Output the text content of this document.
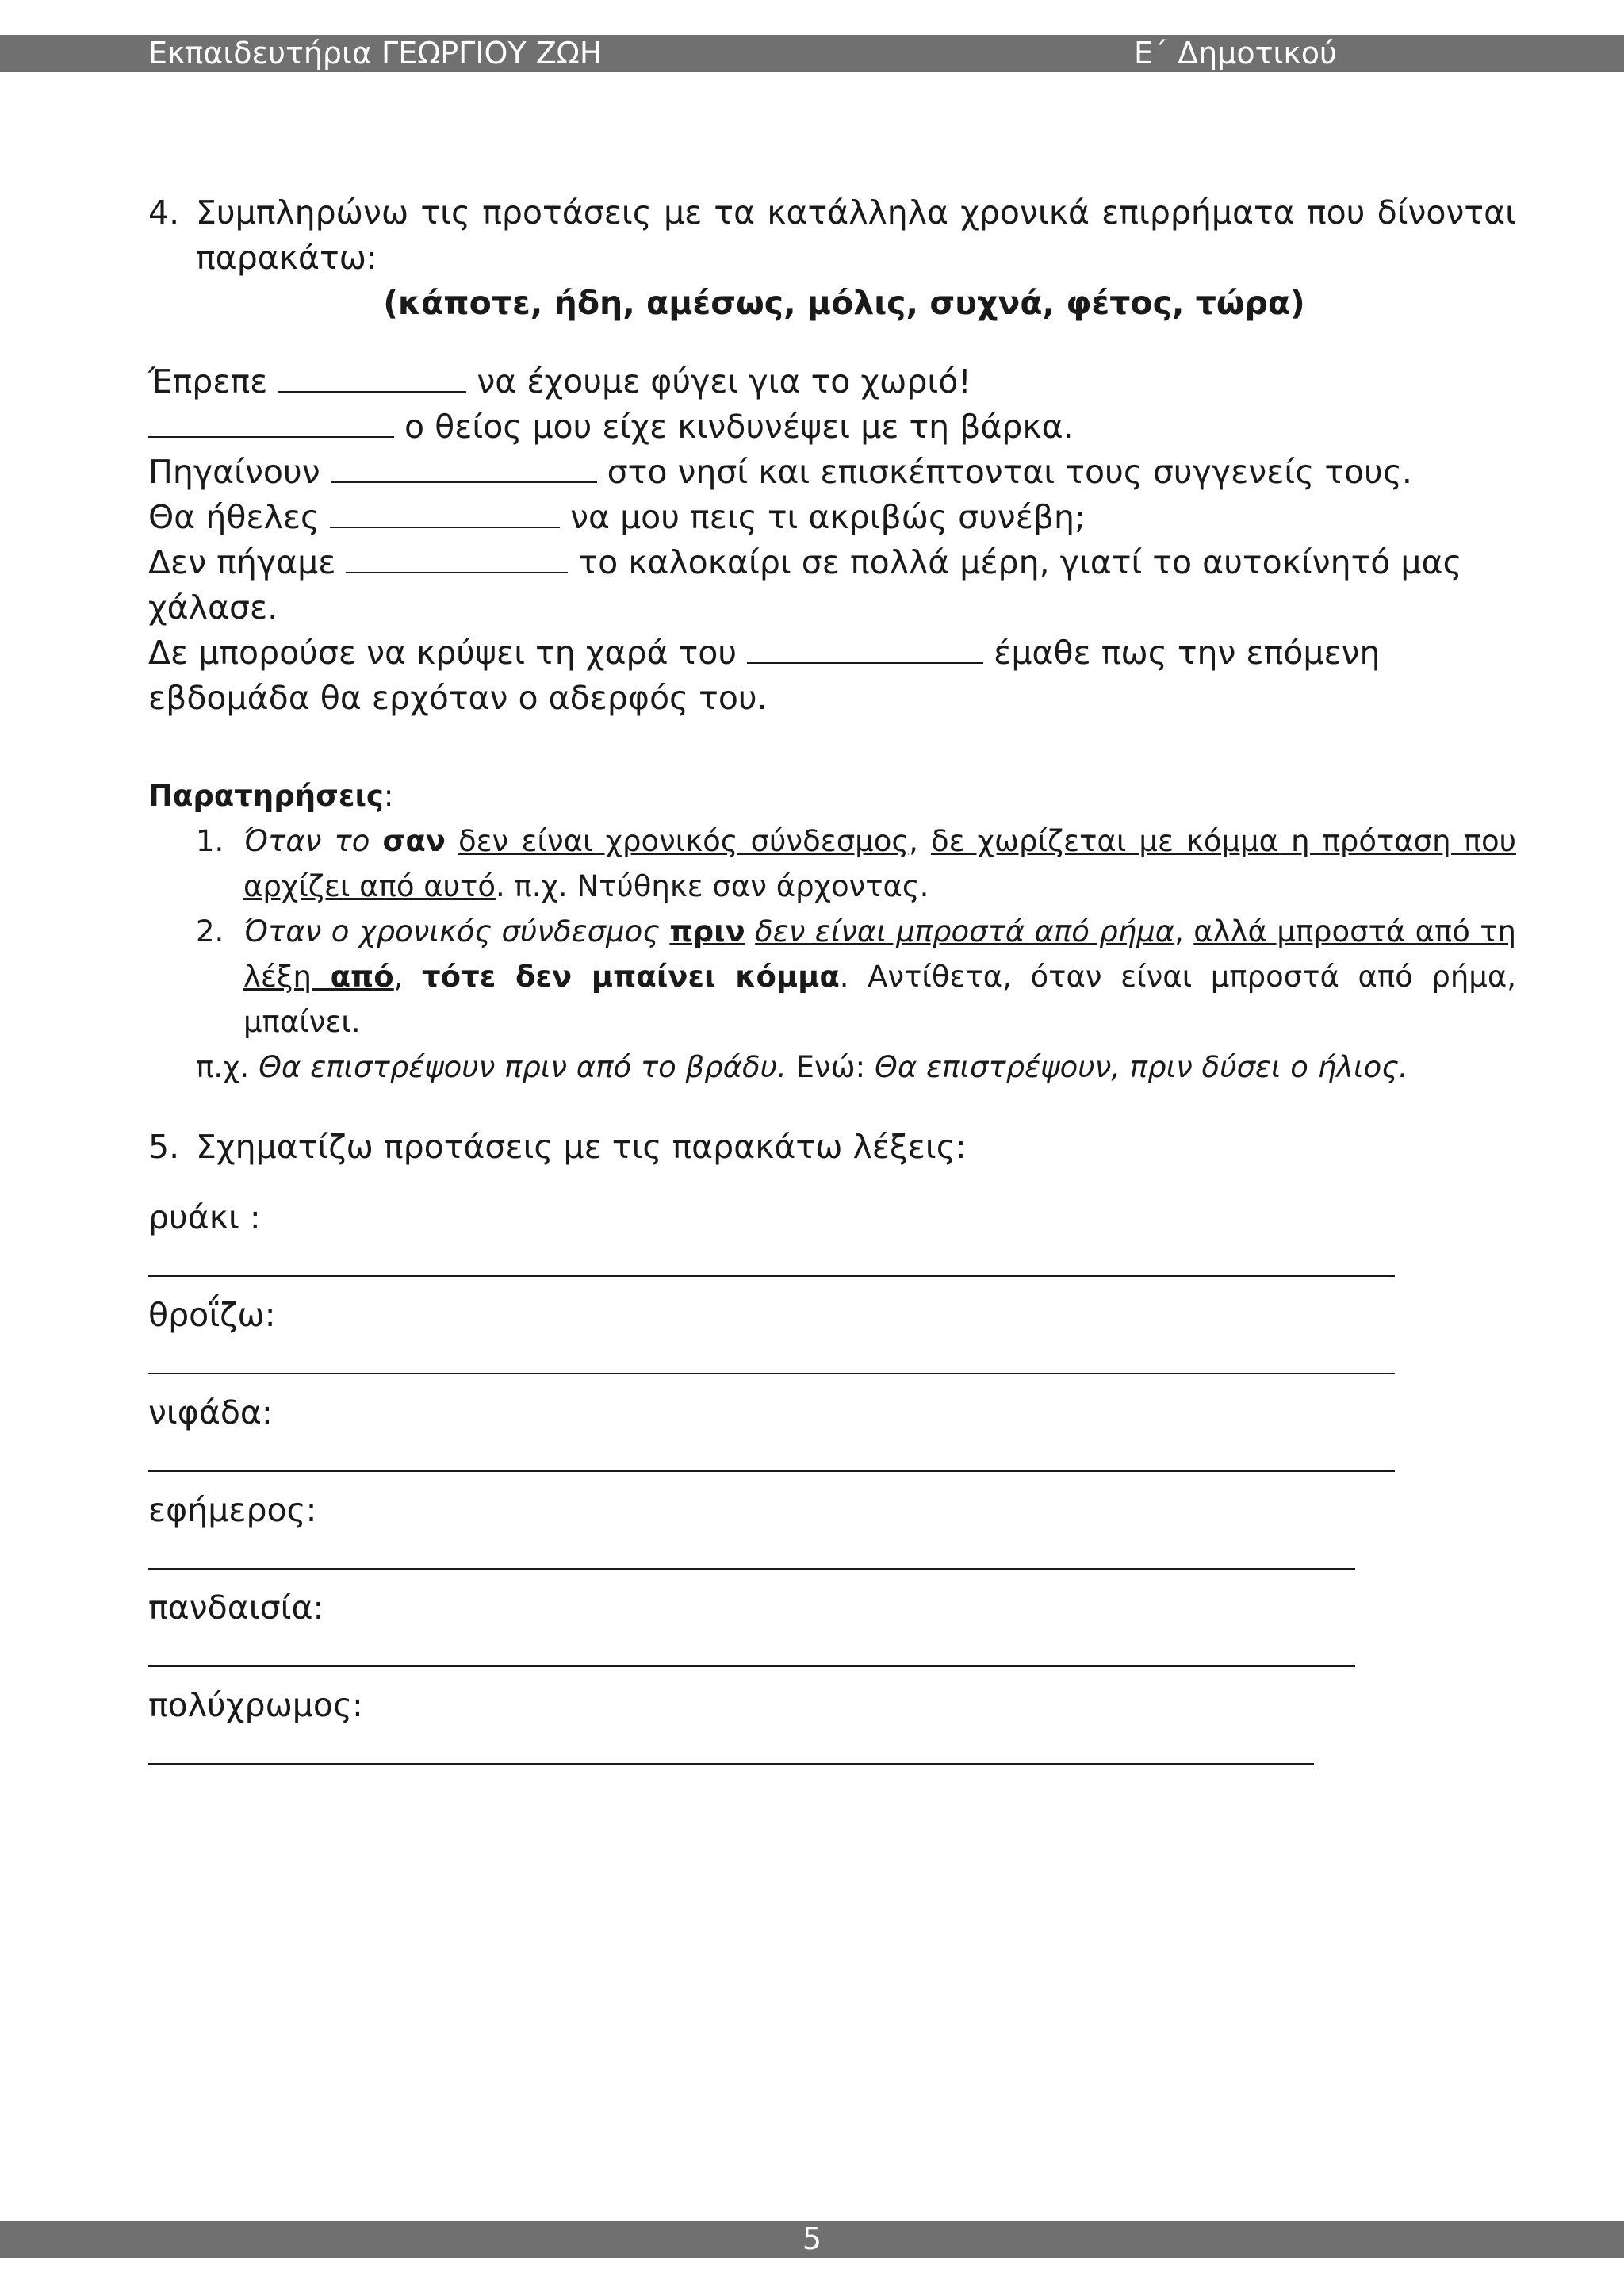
Εκπαιδευτήρια ΓΕΩΡΓΙΟΥ ΖΩΗ	Ε΄ Δημοτικού
4. Συμπληρώνω τις προτάσεις με τα κατάλληλα χρονικά επιρρήματα που δίνονται παρακάτω:
(κάποτε, ήδη, αμέσως, μόλις, συχνά, φέτος, τώρα)
Έπρεπε	να έχουμε φύγει για το χωριό!
ο θείος μου είχε κινδυνέψει με τη βάρκα.
Πηγαίνουν	στο νησί και επισκέπτονται τους συγγενείς τους.
Θα ήθελες	να μου πεις τι ακριβώς συνέβη;
Δεν πήγαμε	το καλοκαίρι σε πολλά μέρη, γιατί το αυτοκίνητό μας χάλασε.
Δε μπορούσε να κρύψει τη χαρά του	έμαθε πως την επόμενη εβδομάδα θα ερχόταν ο αδερφός του.
Παρατηρήσεις:
1. Όταν το σαν δεν είναι χρονικός σύνδεσμος, δε χωρίζεται με κόμμα η πρόταση που αρχίζει από αυτό. π.χ. Ντύθηκε σαν άρχοντας.
2. Όταν ο χρονικός σύνδεσμος πριν δεν είναι μπροστά από ρήμα, αλλά μπροστά από τη λέξη από, τότε δεν μπαίνει κόμμα. Αντίθετα, όταν είναι μπροστά από ρήμα, μπαίνει.
π.χ. Θα επιστρέψουν πριν από το βράδυ. Ενώ: Θα επιστρέψουν, πριν δύσει ο ήλιος.
5. Σχηματίζω προτάσεις με τις παρακάτω λέξεις:
ρυάκι :
θροΐζω:
νιφάδα:
εφήμερος:
πανδαισία:
πολύχρωμος:
5
